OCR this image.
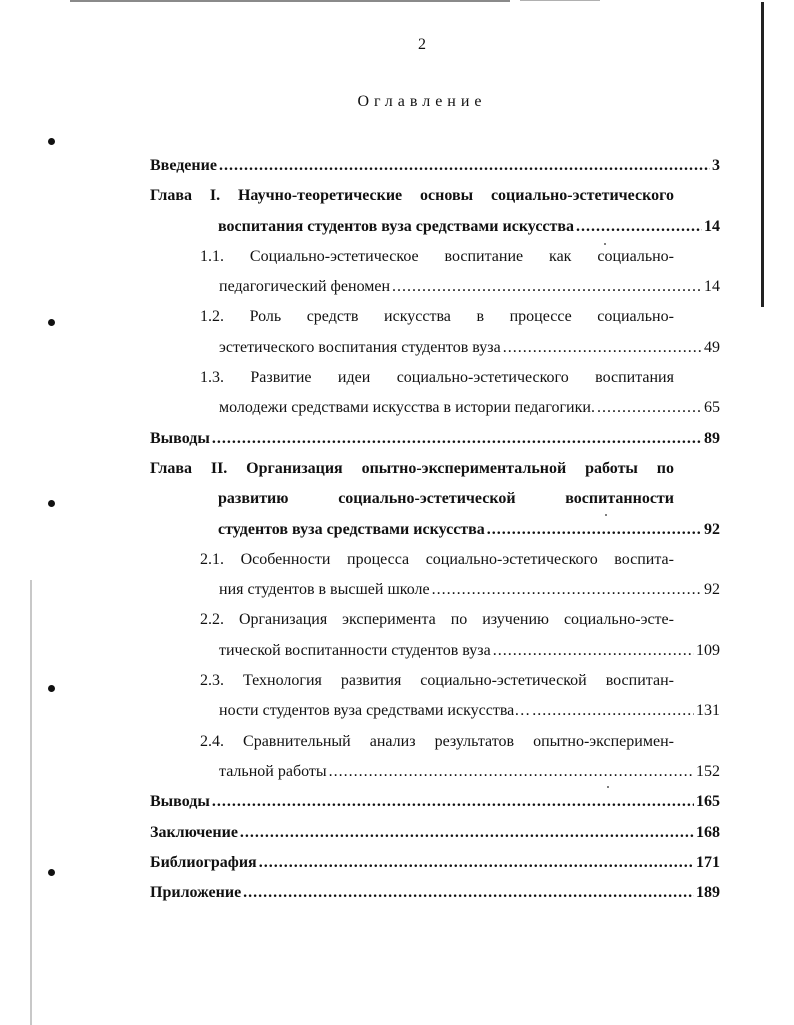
2
Оглавление
Введение .....	3
Глава I. Научно-теоретические основы социально-эстетического
воспитания студентов вуза средствами искусства .....	14
1.1. Социально-эстетическое воспитание как социально-
педагогический феномен .....	14
1.2. Роль средств искусства в процессе социально-
эстетического воспитания студентов вуза .....	49
1.3. Развитие идеи социально-эстетического воспитания
молодежи средствами искусства в истории педагогики. .....	65
Выводы .....	89
Глава II. Организация опытно-экспериментальной работы по
развитию	социально-эстетической	воспитанности
студентов вуза средствами искусства .....	92
2.1. Особенности процесса социально-эстетического воспита-
ния студентов в высшей школе .....	92
2.2. Организация эксперимента по изучению социально-эсте-
тической воспитанности студентов вуза .....	109
2.3. Технология развития социально-эстетической воспитан-
ности студентов вуза средствами искусства… .....	131
2.4. Сравнительный анализ результатов опытно-эксперимен-
тальной работы .....	152
Выводы .....	165
Заключение .....	168
Библиография .....	171
Приложение .....	189
